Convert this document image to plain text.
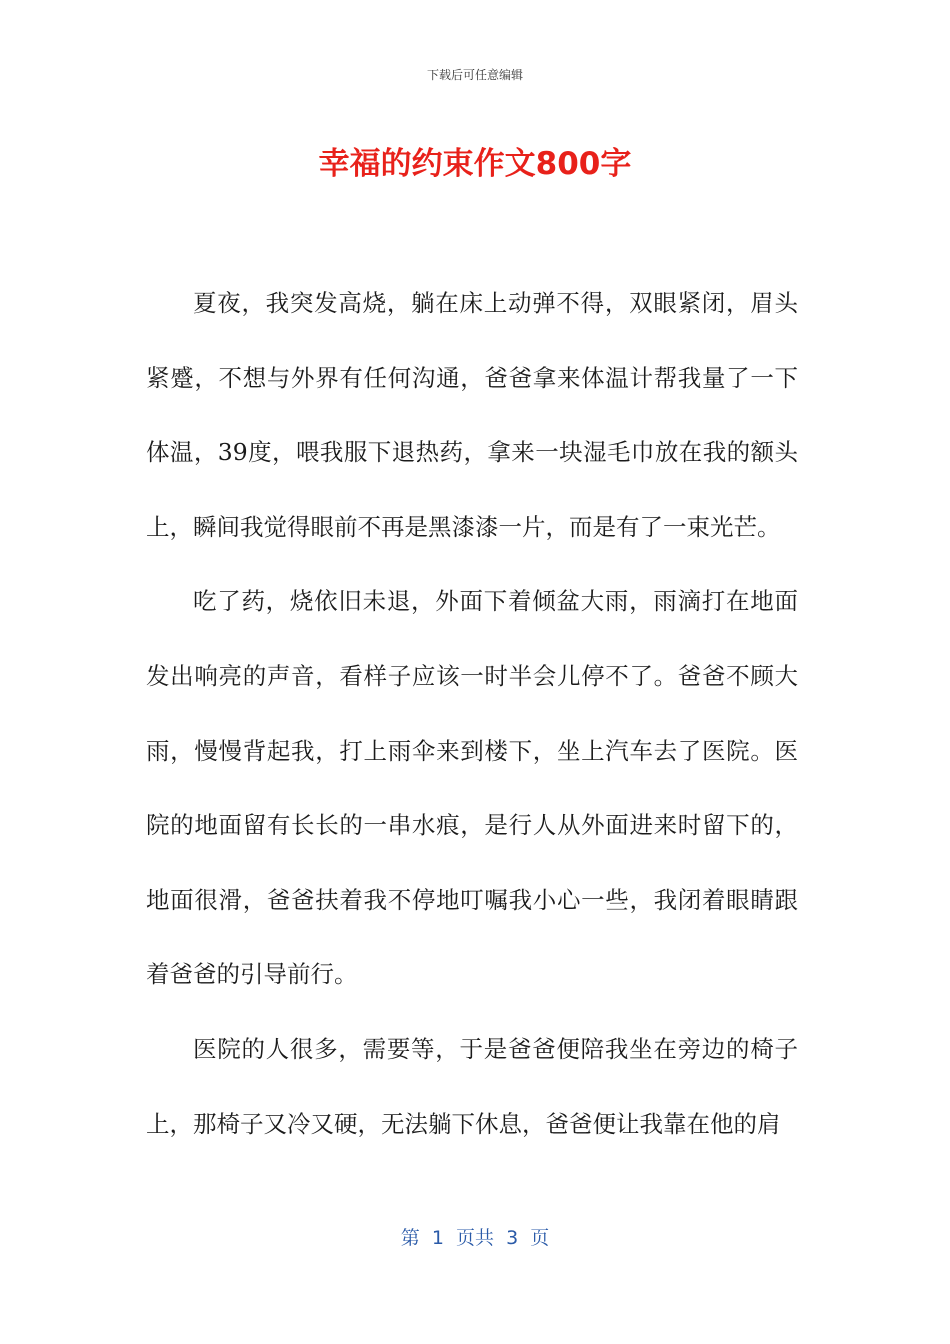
下载后可任意编辑
幸福的约束作文800字

夏夜，我突发高烧，躺在床上动弹不得，双眼紧闭，眉头紧蹙，不想与外界有任何沟通，爸爸拿来体温计帮我量了一下体温，39度，喂我服下退热药，拿来一块湿毛巾放在我的额头上，瞬间我觉得眼前不再是黑漆漆一片，而是有了一束光芒。

吃了药，烧依旧未退，外面下着倾盆大雨，雨滴打在地面发出响亮的声音，看样子应该一时半会儿停不了。爸爸不顾大雨，慢慢背起我，打上雨伞来到楼下，坐上汽车去了医院。医院的地面留有长长的一串水痕，是行人从外面进来时留下的，地面很滑，爸爸扶着我不停地叮嘱我小心一些，我闭着眼睛跟着爸爸的引导前行。

医院的人很多，需要等，于是爸爸便陪我坐在旁边的椅子上，那椅子又冷又硬，无法躺下休息，爸爸便让我靠在他的肩

第  1  页共  3  页
